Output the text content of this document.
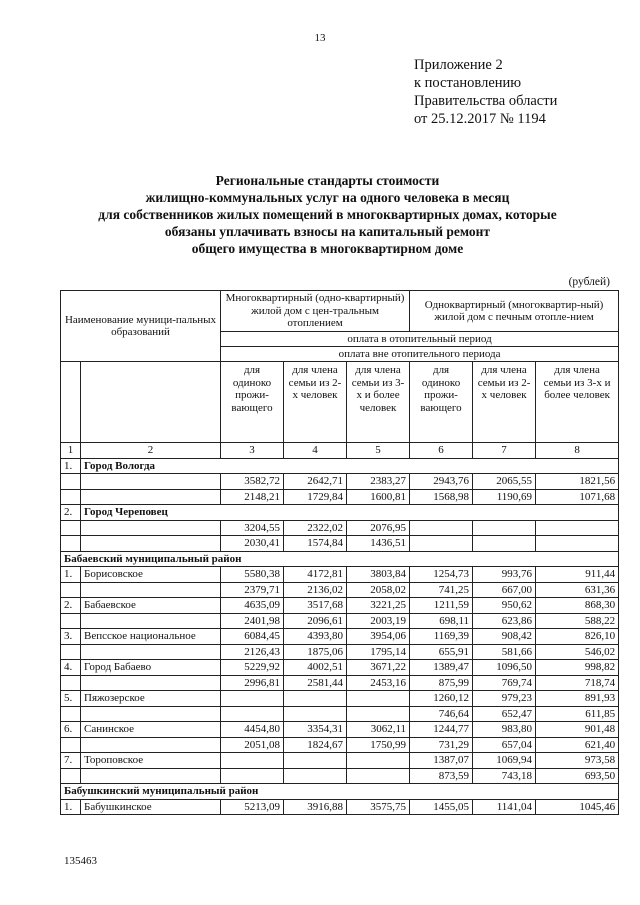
13
Приложение 2
к постановлению
Правительства области
от 25.12.2017 № 1194
Региональные стандарты стоимости
жилищно-коммунальных услуг на одного человека в месяц
для собственников жилых помещений в многоквартирных домах, которые
обязаны уплачивать взносы на капитальный ремонт
общего имущества в многоквартирном доме
(рублей)
Наименование муници-пальных образований		Многоквартирный (одно-квартирный) жилой дом с цен-тральным отоплением			Одноквартирный (многоквартир-ный) жилой дом с печным отопле-нием		
		оплата в отопительный период					
		оплата вне отопительного периода					
		для одиноко прожи-вающего	для члена семьи из 2-х человек	для члена семьи из 3-х и более человек	для одиноко прожи-вающего	для члена семьи из 2-х человек	для члена семьи из 3-х и более человек
1	2	3	4	5	6	7	8
1.	Город Вологда						
		3582,72	2642,71	2383,27	2943,76	2065,55	1821,56
		2148,21	1729,84	1600,81	1568,98	1190,69	1071,68
2.	Город Череповец						
		3204,55	2322,02	2076,95			
		2030,41	1574,84	1436,51			
Бабаевский муниципальный район							
1.	Борисовское	5580,38	4172,81	3803,84	1254,73	993,76	911,44
		2379,71	2136,02	2058,02	741,25	667,00	631,36
2.	Бабаевское	4635,09	3517,68	3221,25	1211,59	950,62	868,30
		2401,98	2096,61	2003,19	698,11	623,86	588,22
3.	Вепсское национальное	6084,45	4393,80	3954,06	1169,39	908,42	826,10
		2126,43	1875,06	1795,14	655,91	581,66	546,02
4.	Город Бабаево	5229,92	4002,51	3671,22	1389,47	1096,50	998,82
		2996,81	2581,44	2453,16	875,99	769,74	718,74
5.	Пяжозерское				1260,12	979,23	891,93
					746,64	652,47	611,85
6.	Санинское	4454,80	3354,31	3062,11	1244,77	983,80	901,48
		2051,08	1824,67	1750,99	731,29	657,04	621,40
7.	Тороповское				1387,07	1069,94	973,58
					873,59	743,18	693,50
Бабушкинский муниципальный район							
1.	Бабушкинское	5213,09	3916,88	3575,75	1455,05	1141,04	1045,46
135463
